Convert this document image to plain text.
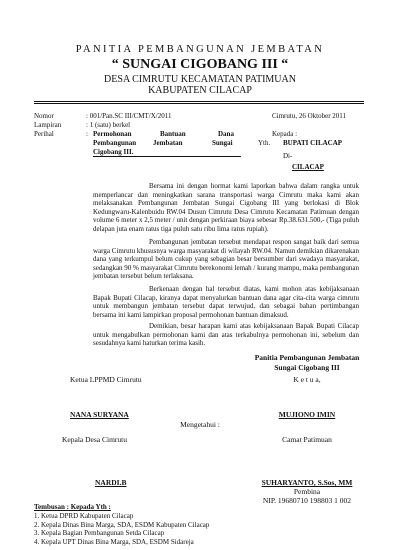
PANITIA PEMBANGUNAN JEMBATAN
“ SUNGAI CIGOBANG III “
DESA CIMRUTU KECAMATAN PATIMUAN
KABUPATEN CILACAP
Nomor	: 001/Pan.SC III/CMT/X/2011
Lampiran	: 1 (satu) berkel
Perihal	: Permohonan	Bantuan	Dana
Pembangunan Jembatan	Sungai
Cigobang III.
Cimrutu, 26 Oktober 2011
Kepada :
Yth. BUPATI CILACAP
Di-
CILACAP
Bersama ini dengan hormat kami laporkan bahwa dalam rangka untuk memperlancar dan meningkatkan sarana transportasi warga Cimrutu maka kami akan melaksanakan Pembangunan Jembatan Sungai Cigobang III yang berlokasi di Blok Kedungwaru-Kalenbuidu RW.04 Dusun Cimrutu Desa Cimrutu Kecamatan Patimuan dengan volume 6 meter x 2,5 meter / unit dengan perkiraan biaya sebesar Rp.38.631.500,- (Tiga puluh delapan juta enam ratus tiga puluh satu ribu lima ratus rupiah).
Pembangunan jembatan tersebut mendapat respon sangat baik dari semua warga Cimrutu khususnya warga masyarakat di wilayah RW.04. Namun demikian dikarenakan dana yang terkumpul belum cukup yang sebagian besar bersumber dari swadaya masyarakat, sedangkan 90 % masyarakat Cimrutu berekonomi lemah / kurang mampu, maka pembangunan jembatan tersebut belum terlaksana.
Berkenaan dengan hal tersebut diatas, kami mohon atas kebijaksanaan Bapak Bupati Cilacap, kiranya dapat menyalurkan bantuan dana agar cita-cita warga cimrutu untuk membangun jembatan tersebut dapat terwujud, dan sebagai bahan pertimbangan bersama ini kami lampirkan proposal permohonan bantuan dimaksud.
Demikian, besar harapan kami atas kebijaksanaan Bapak Bupati Cilacap untuk mengabulkan permohonan kami dan atas terkabulnya permohonan ini, sebelum dan sesudahnya kami haturkan terima kasih.
Panitia Pembangunan Jembatan
Sungai Cigobang III
Ketua LPPMD Cimrutu	K e t u a,
NANA SURYANA	MUJIONO IMIN
Mengetahui :
Kepala Desa Cimrutu	Camat Patimuan
NARDI.B	SUHARYANTO, S.Sos, MM
Pembina
NIP. 19680710 198803 1 002
Tembusan : Kepada Yth :
1. Ketua DPRD Kabupaten Cilacap
2. Kepala Dinas Bina Marga, SDA, ESDM Kabupaten Cilacap
3. Kepala Bagian Pembangunan Setda Cilacap
4. Kepala UPT Dinas Bina Marga, SDA, ESDM Sidareja
